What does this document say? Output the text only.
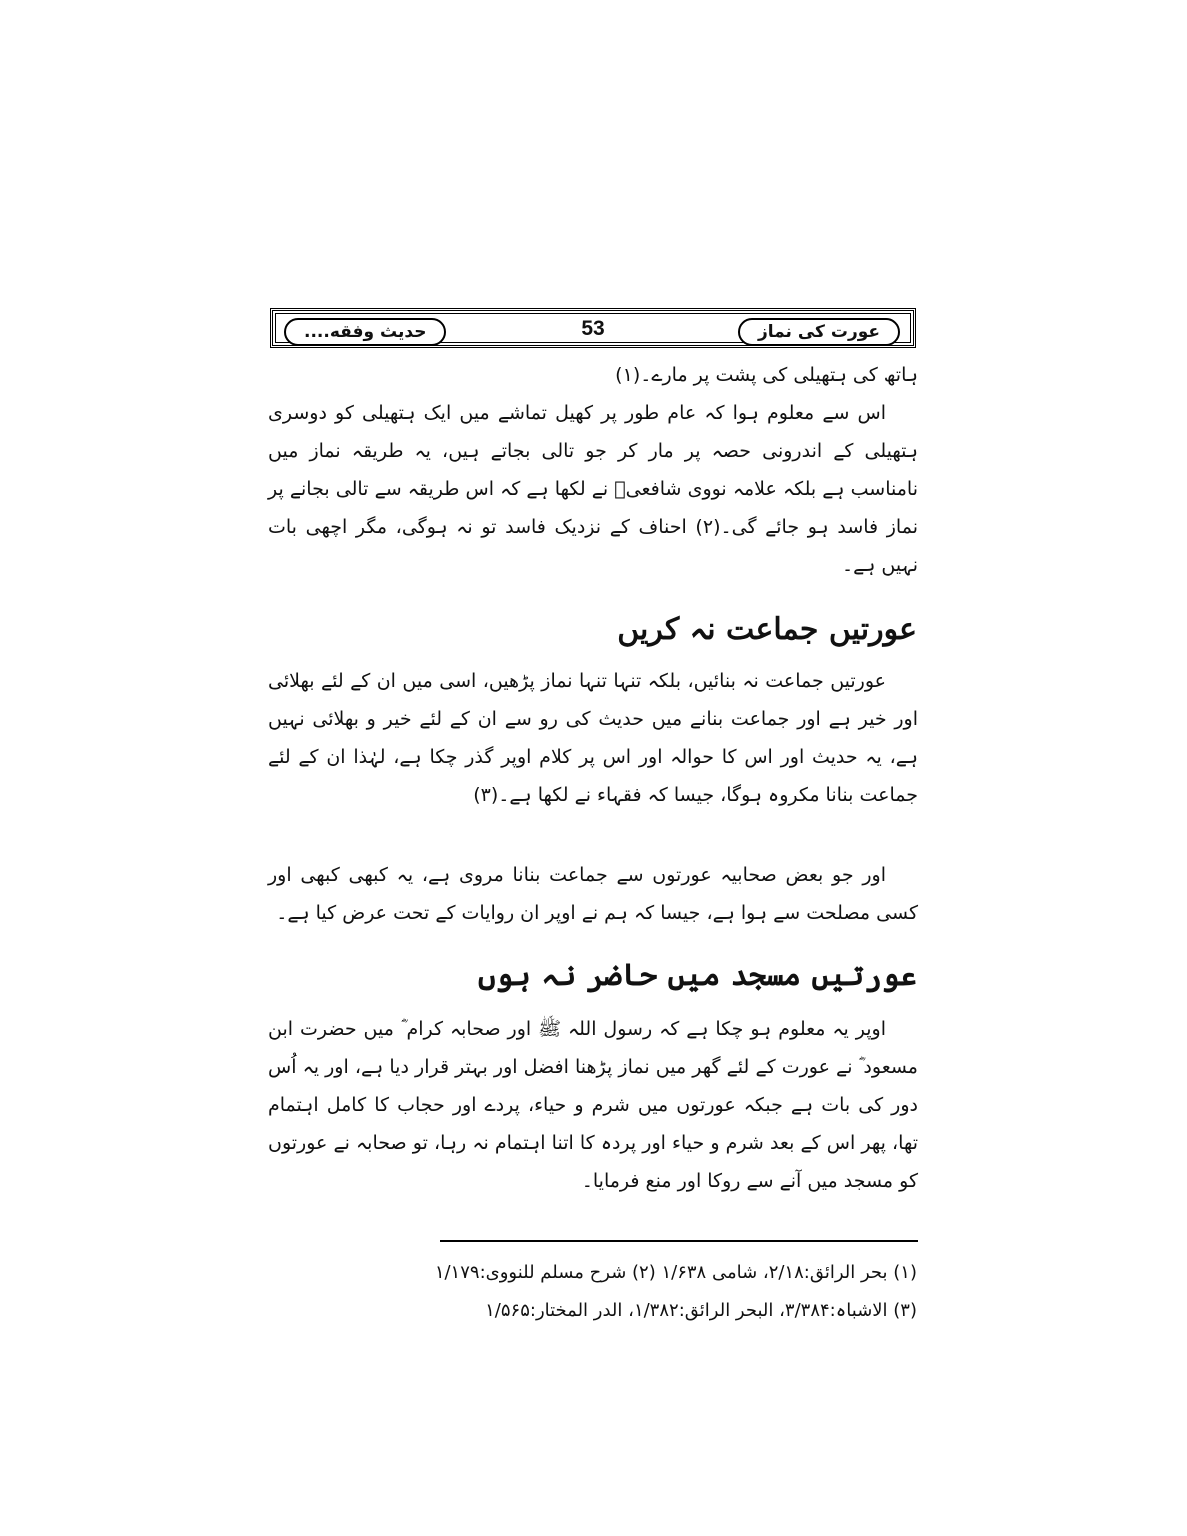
عورت کی نماز
53
حدیث وفقه....
ہاتھ کی ہتھیلی کی پشت پر مارے۔(۱)
اس سے معلوم ہوا کہ عام طور پر کھیل تماشے میں ایک ہتھیلی کو دوسری ہتھیلی کے اندرونی حصہ پر مار کر جو تالی بجاتے ہیں، یہ طریقہ نماز میں نامناسب ہے بلکہ علامہ نووی شافعیؒ نے لکھا ہے کہ اس طریقہ سے تالی بجانے پر نماز فاسد ہو جائے گی۔(۲) احناف کے نزدیک فاسد تو نہ ہوگی، مگر اچھی بات نہیں ہے۔
عورتیں جماعت نہ کریں
عورتیں جماعت نہ بنائیں، بلکہ تنہا تنہا نماز پڑھیں، اسی میں ان کے لئے بھلائی اور خیر ہے اور جماعت بنانے میں حدیث کی رو سے ان کے لئے خیر و بھلائی نہیں ہے، یہ حدیث اور اس کا حوالہ اور اس پر کلام اوپر گذر چکا ہے، لہٰذا ان کے لئے جماعت بنانا مکروہ ہوگا، جیسا کہ فقہاء نے لکھا ہے۔(۳)
اور جو بعض صحابیہ عورتوں سے جماعت بنانا مروی ہے، یہ کبھی کبھی اور کسی مصلحت سے ہوا ہے، جیسا کہ ہم نے اوپر ان روایات کے تحت عرض کیا ہے۔
عورتیں مسجد میں حاضر نہ ہوں
اوپر یہ معلوم ہو چکا ہے کہ رسول اللہ ﷺ اور صحابہ کرام ؓ میں حضرت ابن مسعود ؓ نے عورت کے لئے گھر میں نماز پڑھنا افضل اور بہتر قرار دیا ہے، اور یہ اُس دور کی بات ہے جبکہ عورتوں میں شرم و حیاء، پردے اور حجاب کا کامل اہتمام تھا، پھر اس کے بعد شرم و حیاء اور پردہ کا اتنا اہتمام نہ رہا، تو صحابہ نے عورتوں کو مسجد میں آنے سے روکا اور منع فرمایا۔
(۱) بحر الرائق:۲/۱۸، شامی ۱/۶۳۸ (۲) شرح مسلم للنووی:۱/۱۷۹
(۳) الاشباہ:۳/۳۸۴، البحر الرائق:۱/۳۸۲، الدر المختار:۱/۵۶۵
